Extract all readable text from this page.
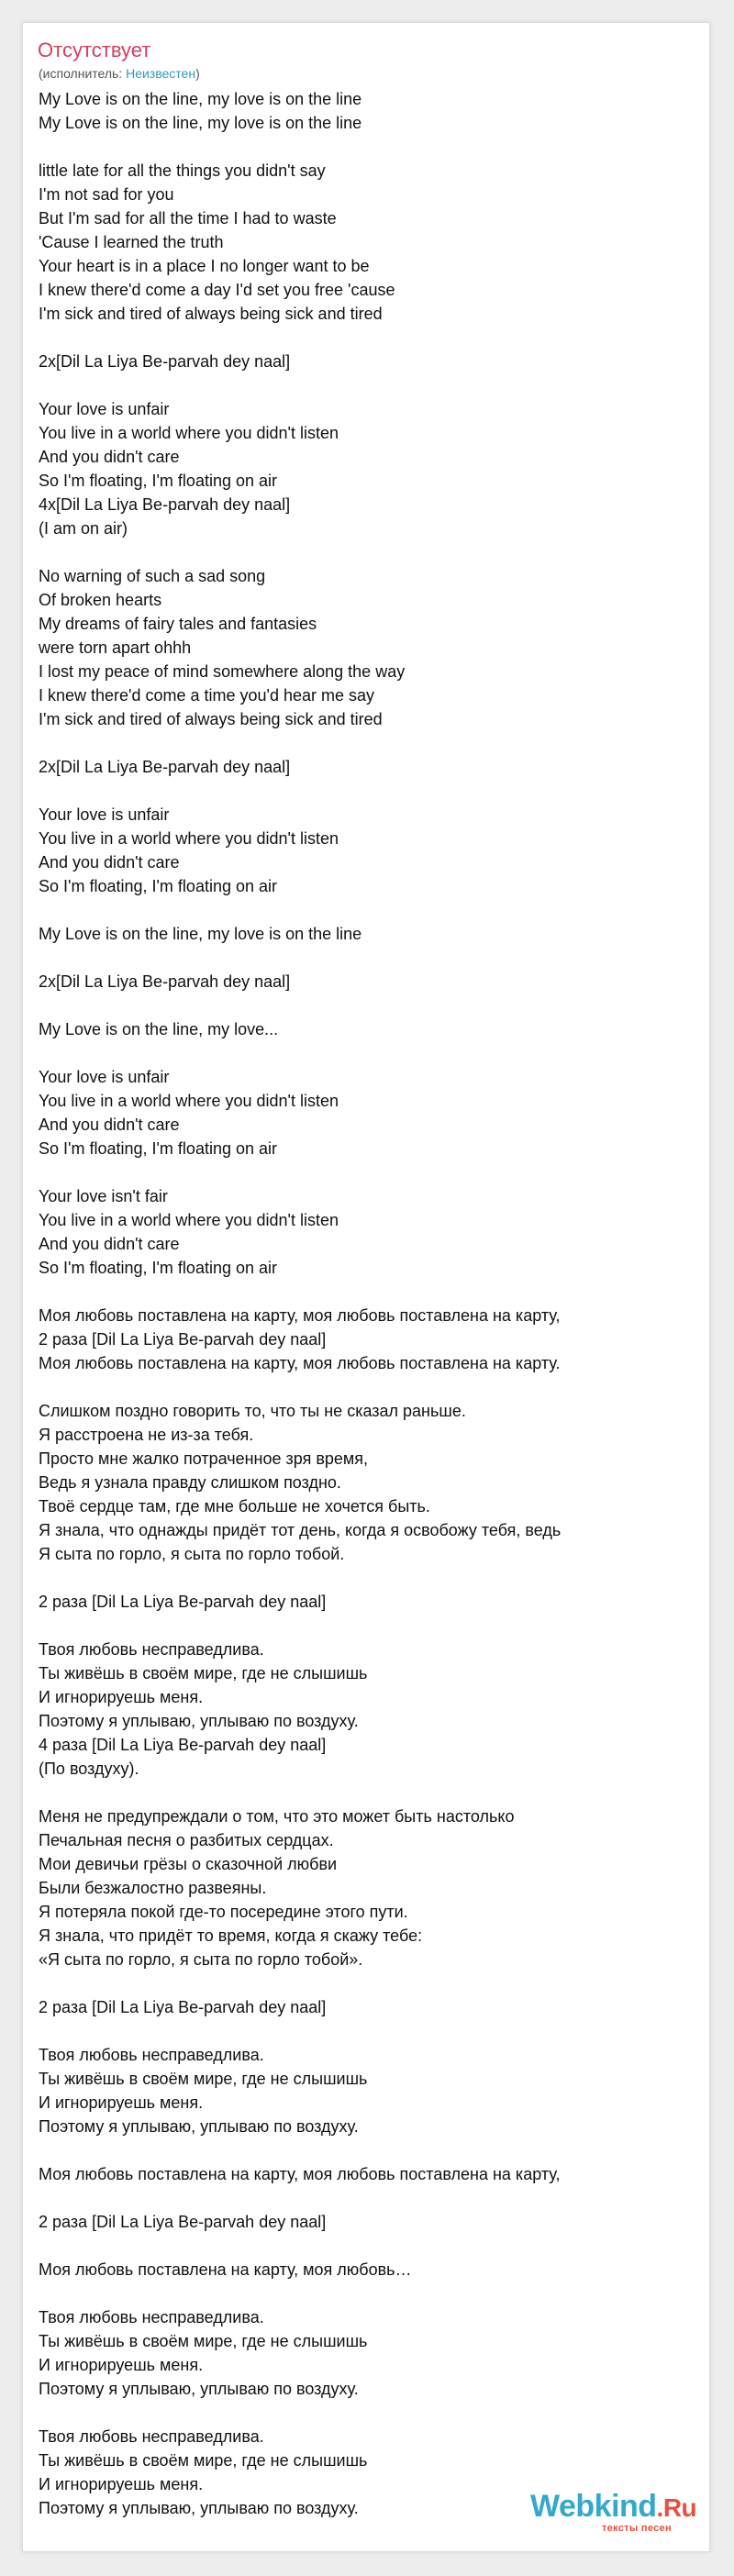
Отсутствует
(исполнитель: Неизвестен)
My Love is on the line, my love is on the line
My Love is on the line, my love is on the line
little late for all the things you didn't say
I'm not sad for you
But I'm sad for all the time I had to waste
'Cause I learned the truth
Your heart is in a place I no longer want to be
I knew there'd come a day I'd set you free 'cause
I'm sick and tired of always being sick and tired
2x[Dil La Liya Be-parvah dey naal]
Your love is unfair
You live in a world where you didn't listen
And you didn't care
So I'm floating, I'm floating on air
4x[Dil La Liya Be-parvah dey naal]
(I am on air)
No warning of such a sad song
Of broken hearts
My dreams of fairy tales and fantasies
were torn apart ohhh
I lost my peace of mind somewhere along the way
I knew there'd come a time you'd hear me say
I'm sick and tired of always being sick and tired
2x[Dil La Liya Be-parvah dey naal]
Your love is unfair
You live in a world where you didn't listen
And you didn't care
So I'm floating, I'm floating on air
My Love is on the line, my love is on the line
2x[Dil La Liya Be-parvah dey naal]
My Love is on the line, my love...
Your love is unfair
You live in a world where you didn't listen
And you didn't care
So I'm floating, I'm floating on air
Your love isn't fair
You live in a world where you didn't listen
And you didn't care
So I'm floating, I'm floating on air
Моя любовь поставлена на карту, моя любовь поставлена на карту,
2 раза [Dil La Liya Be-parvah dey naal]
Моя любовь поставлена на карту, моя любовь поставлена на карту.
Слишком поздно говорить то, что ты не сказал раньше.
Я расстроена не из-за тебя.
Просто мне жалко потраченное зря время,
Ведь я узнала правду слишком поздно.
Твоё сердце там, где мне больше не хочется быть.
Я знала, что однажды придёт тот день, когда я освобожу тебя, ведь
Я сыта по горло, я сыта по горло тобой.
2 раза [Dil La Liya Be-parvah dey naal]
Твоя любовь несправедлива.
Ты живёшь в своём мире, где не слышишь
И игнорируешь меня.
Поэтому я уплываю, уплываю по воздуху.
4 раза [Dil La Liya Be-parvah dey naal]
(По воздуху).
Меня не предупреждали о том, что это может быть настолько
Печальная песня о разбитых сердцах.
Мои девичьи грёзы о сказочной любви
Были безжалостно развеяны.
Я потеряла покой где-то посередине этого пути.
Я знала, что придёт то время, когда я скажу тебе:
«Я сыта по горло, я сыта по горло тобой».
2 раза [Dil La Liya Be-parvah dey naal]
Твоя любовь несправедлива.
Ты живёшь в своём мире, где не слышишь
И игнорируешь меня.
Поэтому я уплываю, уплываю по воздуху.
Моя любовь поставлена на карту, моя любовь поставлена на карту,
2 раза [Dil La Liya Be-parvah dey naal]
Моя любовь поставлена на карту, моя любовь…
Твоя любовь несправедлива.
Ты живёшь в своём мире, где не слышишь
И игнорируешь меня.
Поэтому я уплываю, уплываю по воздуху.
Твоя любовь несправедлива.
Ты живёшь в своём мире, где не слышишь
И игнорируешь меня.
Поэтому я уплываю, уплываю по воздуху.	Webkind.Ru
тексты песен
